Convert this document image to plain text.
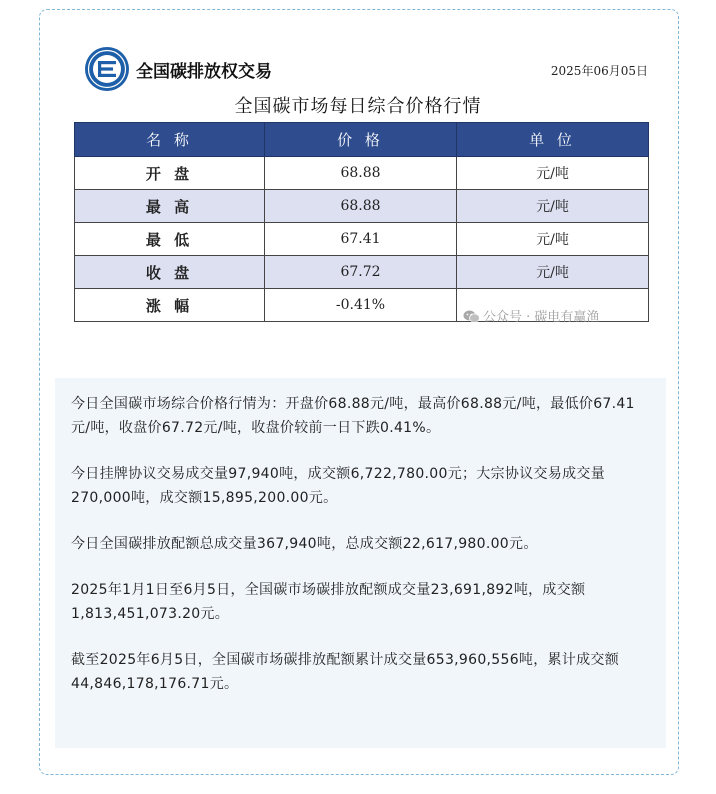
全国碳排放权交易	2025年06月05日
全国碳市场每日综合价格行情
名 称	价 格	单 位
开 盘	68.88	元/吨
最 高	68.88	元/吨
最 低	67.41	元/吨
收 盘	67.72	元/吨
涨 幅	-0.41%	
公众号 · 碳电有赢渔

今日全国碳市场综合价格行情为：开盘价68.88元/吨，最高价68.88元/吨，最低价67.41元/吨，收盘价67.72元/吨，收盘价较前一日下跌0.41%。

今日挂牌协议交易成交量97,940吨，成交额6,722,780.00元；大宗协议交易成交量270,000吨，成交额15,895,200.00元。

今日全国碳排放配额总成交量367,940吨，总成交额22,617,980.00元。

2025年1月1日至6月5日，全国碳市场碳排放配额成交量23,691,892吨，成交额1,813,451,073.20元。

截至2025年6月5日，全国碳市场碳排放配额累计成交量653,960,556吨，累计成交额44,846,178,176.71元。
